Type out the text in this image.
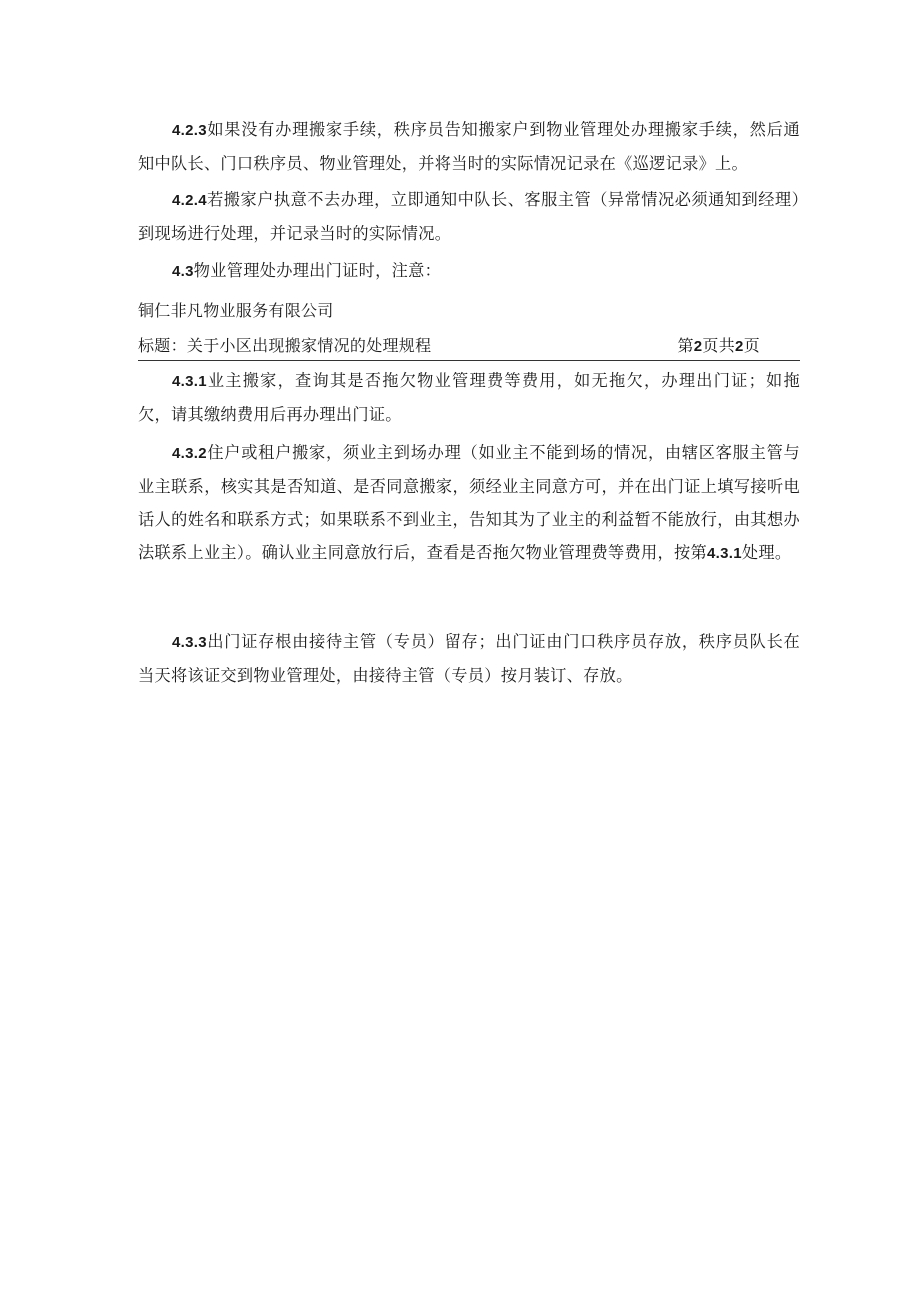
4.2.3如果没有办理搬家手续，秩序员告知搬家户到物业管理处办理搬家手续，然后通知中队长、门口秩序员、物业管理处，并将当时的实际情况记录在《巡逻记录》上。

4.2.4若搬家户执意不去办理，立即通知中队长、客服主管（异常情况必须通知到经理）到现场进行处理，并记录当时的实际情况。

4.3物业管理处办理出门证时，注意：

铜仁非凡物业服务有限公司

标题：关于小区出现搬家情况的处理规程	第2页共2页

4.3.1业主搬家，查询其是否拖欠物业管理费等费用，如无拖欠，办理出门证；如拖欠，请其缴纳费用后再办理出门证。

4.3.2住户或租户搬家，须业主到场办理（如业主不能到场的情况，由辖区客服主管与业主联系，核实其是否知道、是否同意搬家，须经业主同意方可，并在出门证上填写接听电话人的姓名和联系方式；如果联系不到业主，告知其为了业主的利益暂不能放行，由其想办法联系上业主）。确认业主同意放行后，查看是否拖欠物业管理费等费用，按第4.3.1处理。

4.3.3出门证存根由接待主管（专员）留存；出门证由门口秩序员存放，秩序员队长在当天将该证交到物业管理处，由接待主管（专员）按月装订、存放。
